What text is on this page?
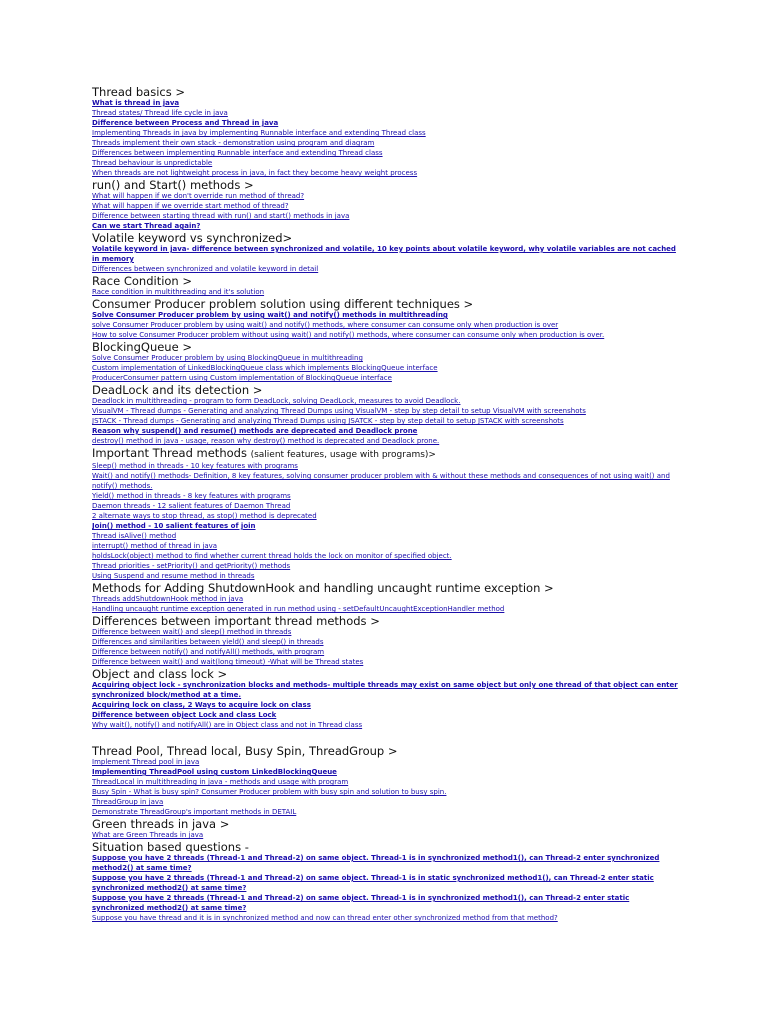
Thread basics >
What is thread in java
Thread states/ Thread life cycle in java
Difference between Process and Thread in java
Implementing Threads in java by implementing Runnable interface and extending Thread class
Threads implement their own stack - demonstration using program and diagram
Differences between implementing Runnable interface and extending Thread class
Thread behaviour is unpredictable
When threads are not lightweight process in java, in fact they become heavy weight process
run() and Start() methods >
What will happen if we don't override run method of thread?
What will happen if we override start method of thread?
Difference between starting thread with run() and start() methods in java
Can we start Thread again?
Volatile keyword vs synchronized>
Volatile keyword in java- difference between synchronized and volatile, 10 key points about volatile keyword, why volatile variables are not cached in memory
Differences between synchronized and volatile keyword in detail
Race Condition >
Race condition in multithreading and it's solution
Consumer Producer problem solution using different techniques >
Solve Consumer Producer problem by using wait() and notify() methods in multithreading
solve Consumer Producer problem by using wait() and notify() methods, where consumer can consume only when production is over
How to solve Consumer Producer problem without using wait() and notify() methods, where consumer can consume only when production is over.
BlockingQueue >
Solve Consumer Producer problem by using BlockingQueue in multithreading
Custom implementation of LinkedBlockingQueue class which implements BlockingQueue interface
ProducerConsumer pattern using Custom implementation of BlockingQueue interface
DeadLock and its detection >
Deadlock in multithreading - program to form DeadLock, solving DeadLock, measures to avoid Deadlock.
VisualVM - Thread dumps - Generating and analyzing Thread Dumps using VisualVM - step by step detail to setup VisualVM with screenshots
JSTACK - Thread dumps - Generating and analyzing Thread Dumps using JSATCK - step by step detail to setup JSTACK with screenshots
Reason why suspend() and resume() methods are deprecated and Deadlock prone
destroy() method in java - usage, reason why destroy() method is deprecated and Deadlock prone.
Important Thread methods (salient features, usage with programs)>
Sleep() method in threads - 10 key features with programs
Wait() and notify() methods- Definition, 8 key features, solving consumer producer problem with & without these methods and consequences of not using wait() and notify() methods.
Yield() method in threads - 8 key features with programs
Daemon threads - 12 salient features of Daemon Thread
2 alternate ways to stop thread, as stop() method is deprecated
Join() method - 10 salient features of join
Thread isAlive() method
interrupt() method of thread in java
holdsLock(object) method to find whether current thread holds the lock on monitor of specified object.
Thread priorities - setPriority() and getPriority() methods
Using Suspend and resume method in threads
Methods for Adding ShutdownHook and handling uncaught runtime exception >
Threads addShutdownHook method in java
Handling uncaught runtime exception generated in run method using - setDefaultUncaughtExceptionHandler method
Differences between important thread methods >
Difference between wait() and sleep() method in threads
Differences and similarities between yield() and sleep() in threads
Difference between notify() and notifyAll() methods, with program
Difference between wait() and wait(long timeout) -What will be Thread states
Object and class lock >
Acquiring object lock - synchronization blocks and methods- multiple threads may exist on same object but only one thread of that object can enter synchronized block/method at a time.
Acquiring lock on class, 2 Ways to acquire lock on class
Difference between object Lock and class Lock
Why wait(), notify() and notifyAll() are in Object class and not in Thread class
Thread Pool, Thread local, Busy Spin, ThreadGroup >
Implement Thread pool in java
Implementing ThreadPool using custom LinkedBlockingQueue
ThreadLocal in multithreading in java - methods and usage with program
Busy Spin - What is busy spin? Consumer Producer problem with busy spin and solution to busy spin.
ThreadGroup in java
Demonstrate ThreadGroup's important methods in DETAIL
Green threads in java >
What are Green Threads in java
Situation based questions -
Suppose you have 2 threads (Thread-1 and Thread-2) on same object. Thread-1 is in synchronized method1(), can Thread-2 enter synchronized method2() at same time?
Suppose you have 2 threads (Thread-1 and Thread-2) on same object. Thread-1 is in static synchronized method1(), can Thread-2 enter static synchronized method2() at same time?
Suppose you have 2 threads (Thread-1 and Thread-2) on same object. Thread-1 is in synchronized method1(), can Thread-2 enter static synchronized method2() at same time?
Suppose you have thread and it is in synchronized method and now can thread enter other synchronized method from that method?
